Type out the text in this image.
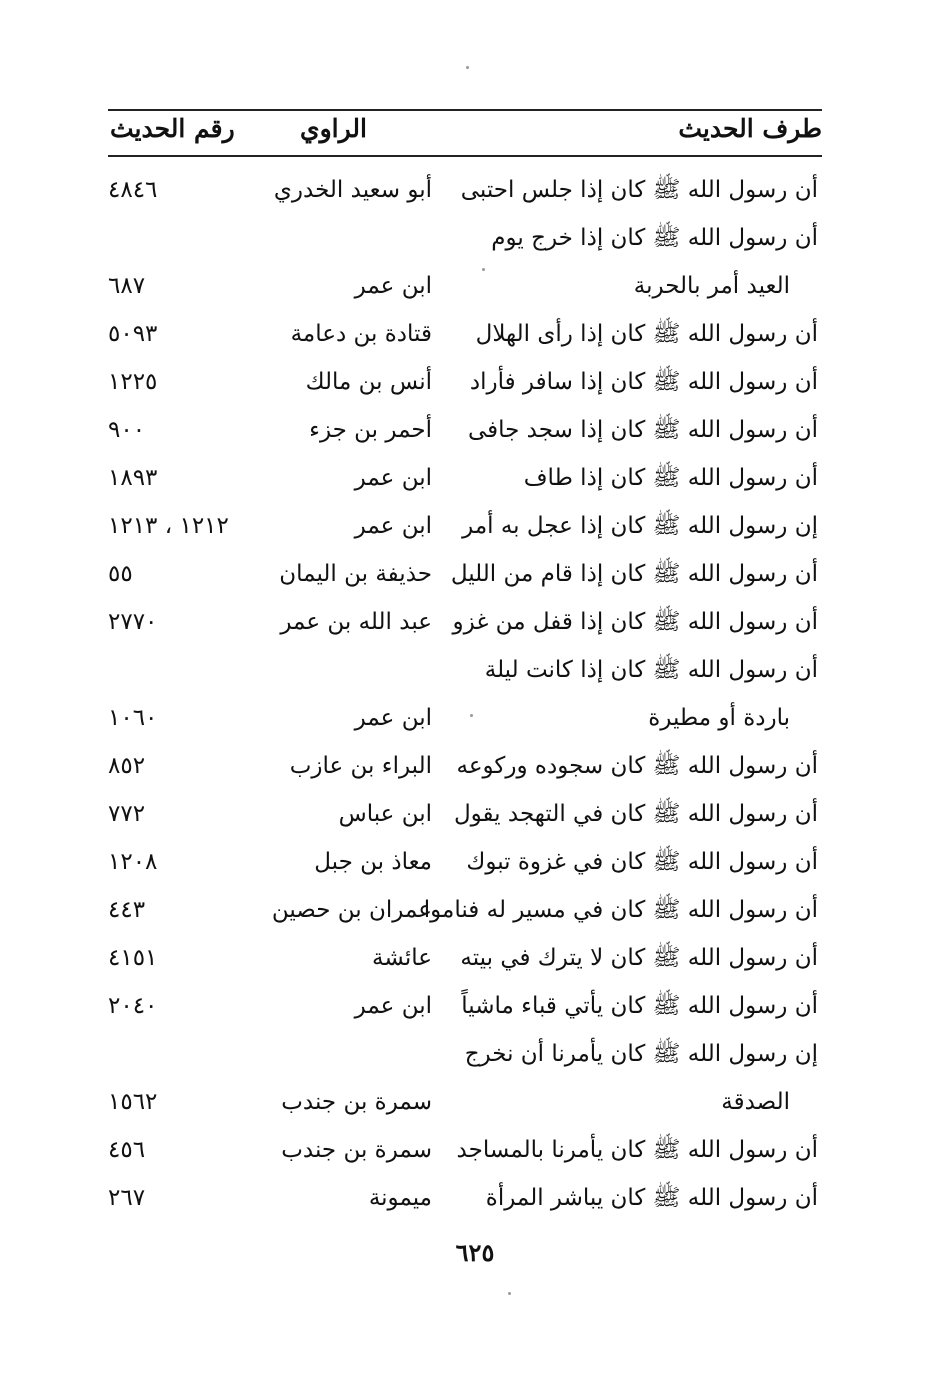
طرف الحديث
الراوي
رقم الحديث
أن رسول الله ﷺ كان إذا جلس احتبى
أبو سعيد الخدري
٤٨٤٦
أن رسول الله ﷺ كان إذا خرج يوم
العيد أمر بالحربة
ابن عمر
٦٨٧
أن رسول الله ﷺ كان إذا رأى الهلال
قتادة بن دعامة
٥٠٩٣
أن رسول الله ﷺ كان إذا سافر فأراد
أنس بن مالك
١٢٢٥
أن رسول الله ﷺ كان إذا سجد جافى
أحمر بن جزء
٩٠٠
أن رسول الله ﷺ كان إذا طاف
ابن عمر
١٨٩٣
إن رسول الله ﷺ كان إذا عجل به أمر
ابن عمر
١٢١٢ ، ١٢١٣
أن رسول الله ﷺ كان إذا قام من الليل
حذيفة بن اليمان
٥٥
أن رسول الله ﷺ كان إذا قفل من غزو
عبد الله بن عمر
٢٧٧٠
أن رسول الله ﷺ كان إذا كانت ليلة
باردة أو مطيرة
ابن عمر
١٠٦٠
أن رسول الله ﷺ كان سجوده وركوعه
البراء بن عازب
٨٥٢
أن رسول الله ﷺ كان في التهجد يقول
ابن عباس
٧٧٢
أن رسول الله ﷺ كان في غزوة تبوك
معاذ بن جبل
١٢٠٨
أن رسول الله ﷺ كان في مسير له فناموا
عمران بن حصين
٤٤٣
أن رسول الله ﷺ كان لا يترك في بيته
عائشة
٤١٥١
أن رسول الله ﷺ كان يأتي قباء ماشياً
ابن عمر
٢٠٤٠
إن رسول الله ﷺ كان يأمرنا أن نخرج
الصدقة
سمرة بن جندب
١٥٦٢
أن رسول الله ﷺ كان يأمرنا بالمساجد
سمرة بن جندب
٤٥٦
أن رسول الله ﷺ كان يباشر المرأة
ميمونة
٢٦٧
٦٢٥
